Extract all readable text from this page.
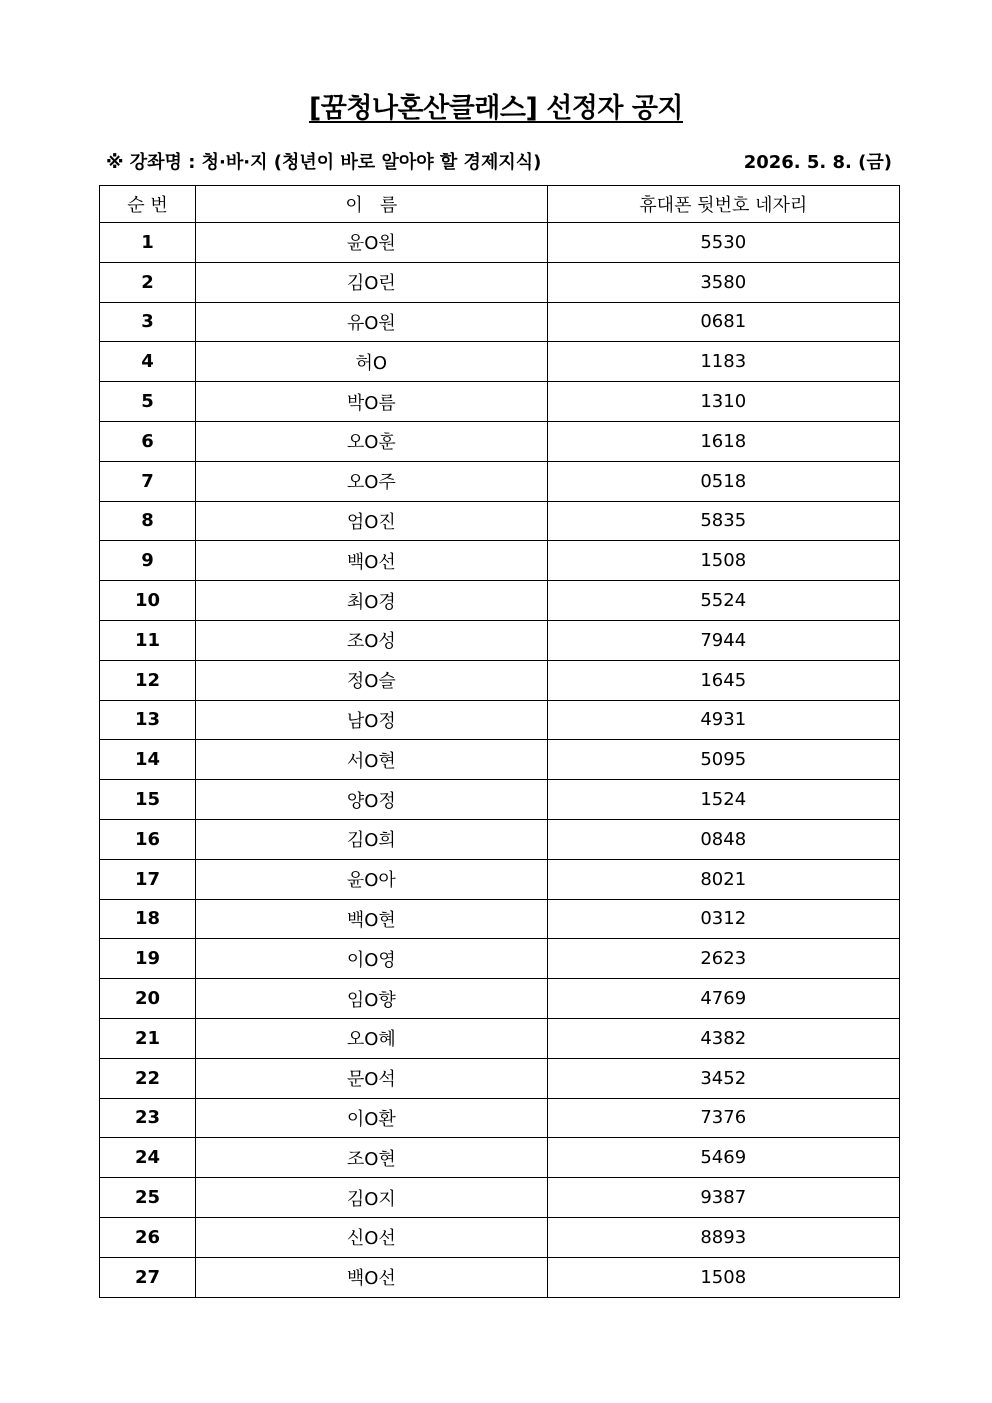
[꿈청나혼산클래스] 선정자 공지
※ 강좌명 : 청·바·지 (청년이 바로 알아야 할 경제지식)	2026. 5. 8. (금)
순 번	이   름	휴대폰 뒷번호 네자리
1	윤O원	5530
2	김O린	3580
3	유O원	0681
4	허O	1183
5	박O름	1310
6	오O훈	1618
7	오O주	0518
8	엄O진	5835
9	백O선	1508
10	최O경	5524
11	조O성	7944
12	정O슬	1645
13	남O정	4931
14	서O현	5095
15	양O정	1524
16	김O희	0848
17	윤O아	8021
18	백O현	0312
19	이O영	2623
20	임O향	4769
21	오O혜	4382
22	문O석	3452
23	이O환	7376
24	조O현	5469
25	김O지	9387
26	신O선	8893
27	백O선	1508
